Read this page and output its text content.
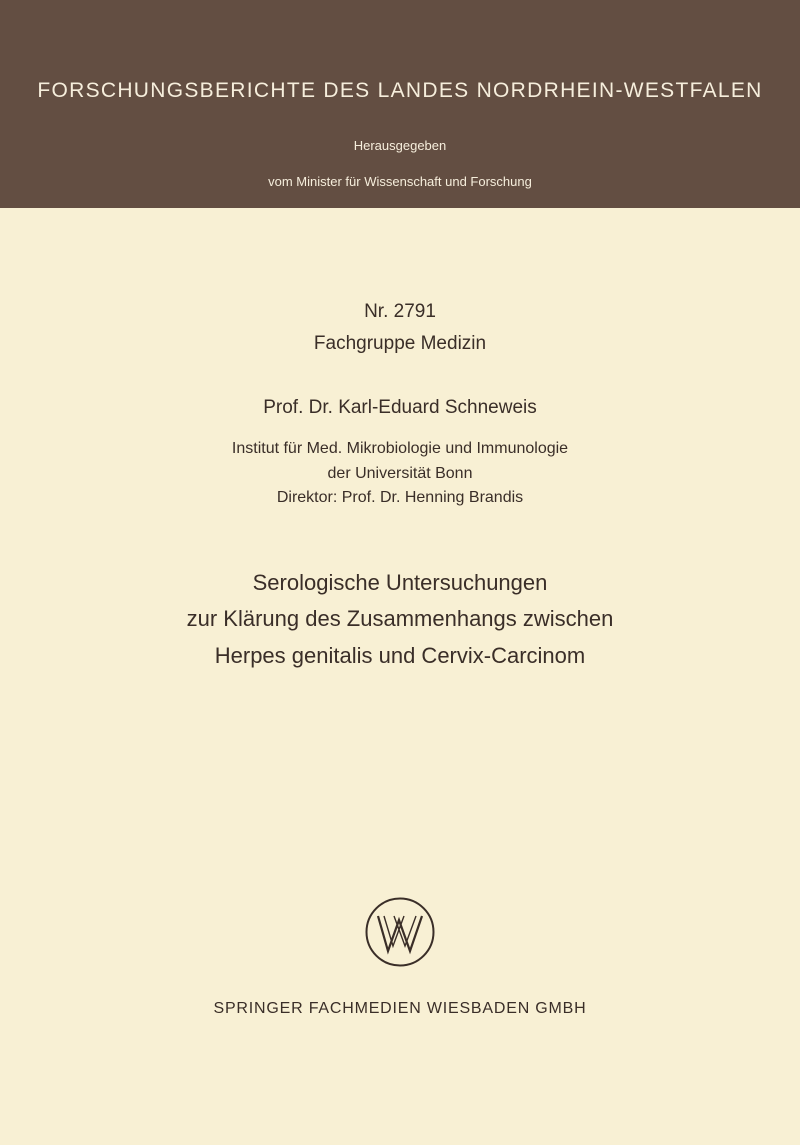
FORSCHUNGSBERICHTE DES LANDES NORDRHEIN-WESTFALEN
Herausgegeben
vom Minister für Wissenschaft und Forschung
Nr. 2791
Fachgruppe Medizin
Prof. Dr. Karl-Eduard Schneweis
Institut für Med. Mikrobiologie und Immunologie
der Universität Bonn
Direktor: Prof. Dr. Henning Brandis
Serologische Untersuchungen
zur Klärung des Zusammenhangs zwischen
Herpes genitalis und Cervix-Carcinom
SPRINGER FACHMEDIEN WIESBADEN GMBH
